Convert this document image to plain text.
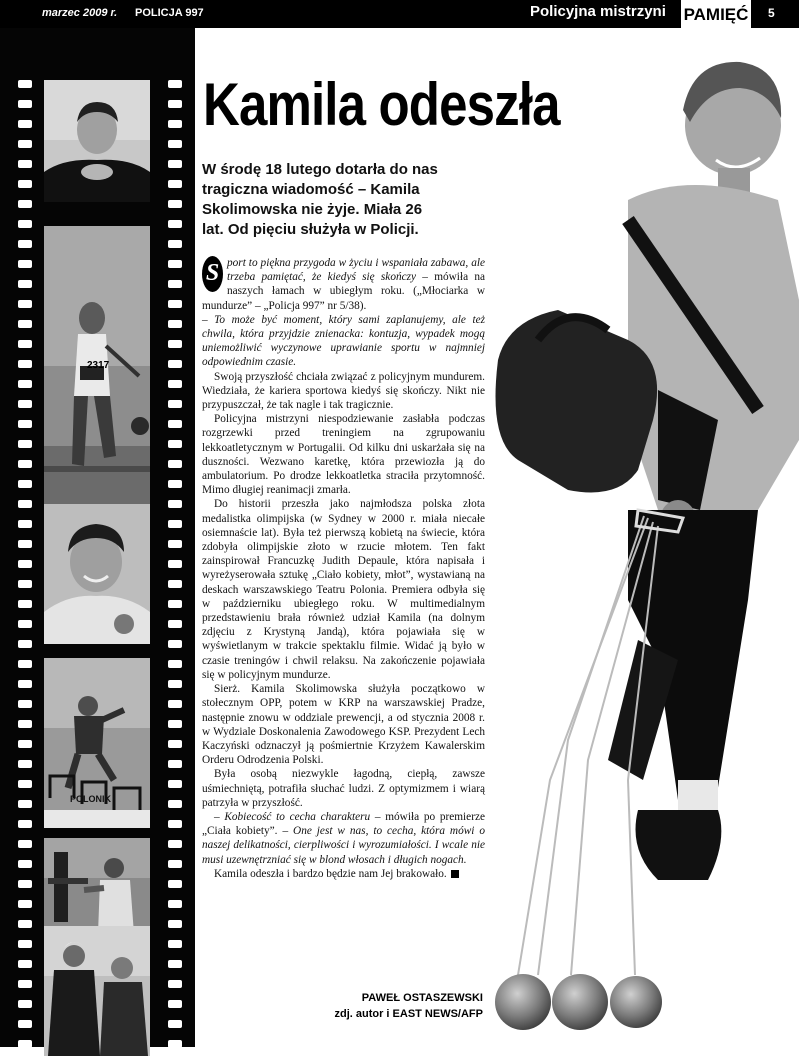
marzec 2009 r. POLICJA 997	Policyjna mistrzyni PAMIĘĆ 5
2317
POLONIK
Kamila odeszła
W środę 18 lutego dotarła do nas tragiczna wiadomość – Kamila Skolimowska nie żyje. Miała 26 lat. Od pięciu służyła w Policji.

S port to piękna przygoda w życiu i wspaniała zabawa, ale trzeba pamiętać, że kiedyś się skończy – mówiła na naszych łamach w ubiegłym roku. („Młociarka w mundurze” – „Policja 997” nr 5/38).

– To może być moment, który sami zaplanujemy, ale też chwila, która przyjdzie znienacka: kontuzja, wypadek mogą uniemożliwić wyczynowe uprawianie sportu w najmniej odpowiednim czasie.

Swoją przyszłość chciała związać z policyjnym mundurem. Wiedziała, że kariera sportowa kiedyś się skończy. Nikt nie przypuszczał, że tak nagle i tak tragicznie.

Policyjna mistrzyni niespodziewanie zasłabła podczas rozgrzewki przed treningiem na zgrupowaniu lekkoatletycznym w Portugalii. Od kilku dni uskarżała się na duszności. Wezwano karetkę, która przewiozła ją do ambulatorium. Po drodze lekkoatletka straciła przytomność. Mimo długiej reanimacji zmarła.

Do historii przeszła jako najmłodsza polska złota medalistka olimpijska (w Sydney w 2000 r. miała niecałe osiemnaście lat). Była też pierwszą kobietą na świecie, która zdobyła olimpijskie złoto w rzucie młotem. Ten fakt zainspirował Francuzkę Judith Depaule, która napisała i wyreżyserowała sztukę „Ciało kobiety, młot”, wystawianą na deskach warszawskiego Teatru Polonia. Premiera odbyła się w październiku ubiegłego roku. W multimedialnym przedstawieniu brała również udział Kamila (na dolnym zdjęciu z Krystyną Jandą), która pojawiała się w wyświetlanym w trakcie spektaklu filmie. Widać ją było w czasie treningów i chwil relaksu. Na zakończenie pojawiała się w policyjnym mundurze.

Sierż. Kamila Skolimowska służyła początkowo w stołecznym OPP, potem w KRP na warszawskiej Pradze, następnie znowu w oddziale prewencji, a od stycznia 2008 r. w Wydziale Doskonalenia Zawodowego KSP. Prezydent Lech Kaczyński odznaczył ją pośmiertnie Krzyżem Kawalerskim Orderu Odrodzenia Polski.

Była osobą niezwykle łagodną, ciepłą, zawsze uśmiechniętą, potrafiła słuchać ludzi. Z optymizmem i wiarą patrzyła w przyszłość.

– Kobiecość to cecha charakteru – mówiła po premierze „Ciała kobiety”. – One jest w nas, to cecha, która mówi o naszej delikatności, cierpliwości i wyrozumiałości. I wcale nie musi uzewnętrzniać się w blond włosach i długich nogach.

Kamila odeszła i bardzo będzie nam Jej brakowało.

PAWEŁ OSTASZEWSKI
zdj. autor i EAST NEWS/AFP
